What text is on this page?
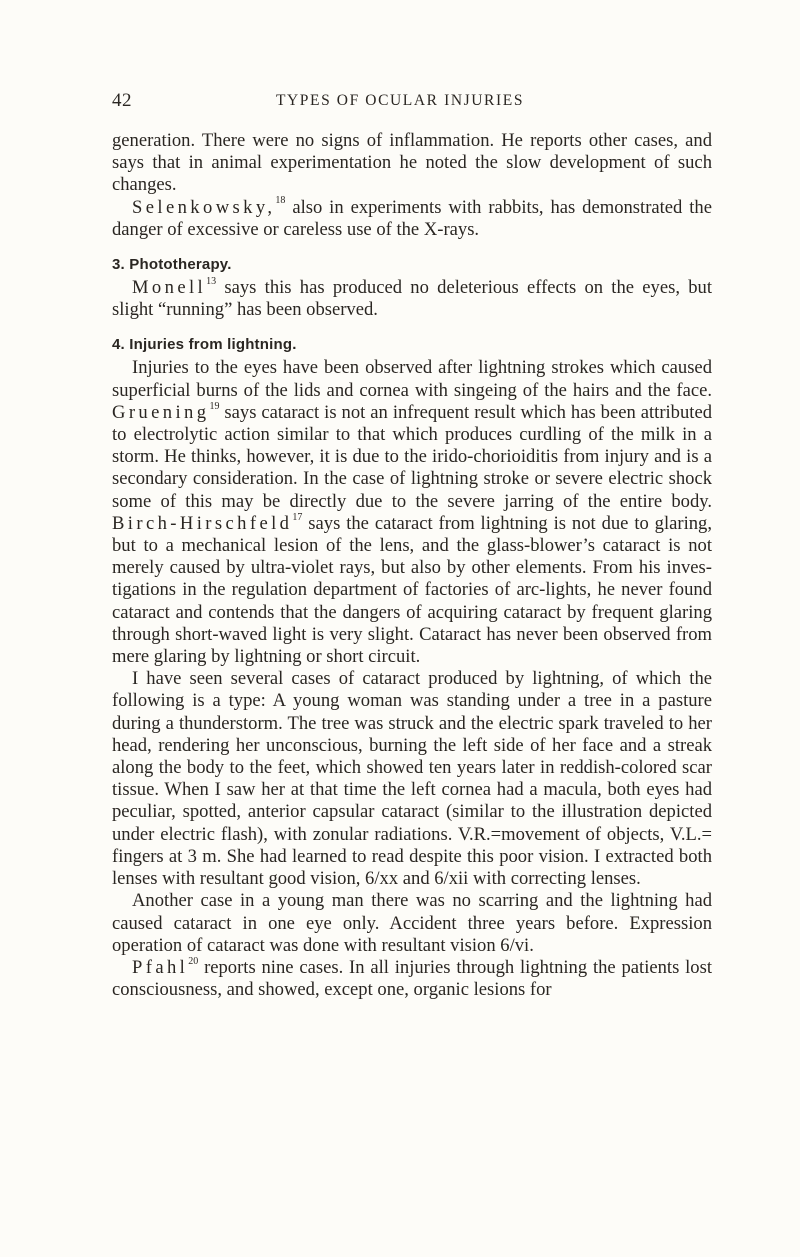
42	TYPES OF OCULAR INJURIES

generation. There were no signs of inflammation. He reports other cases, and says that in animal experimentation he noted the slow development of such changes.

Selenkowsky,$^{18}$ also in experiments with rabbits, has demonstrated the danger of excessive or careless use of the X-rays.

3. Phototherapy.

Monell$^{13}$ says this has produced no deleterious effects on the eyes, but slight “running” has been observed.

4. Injuries from lightning.

Injuries to the eyes have been observed after lightning strokes which caused superficial burns of the lids and cornea with singeing of the hairs and the face. Gruening$^{19}$ says cataract is not an infrequent result which has been attributed to electrolytic action similar to that which produces curdling of the milk in a storm. He thinks, however, it is due to the irido-chorioiditis from injury and is a secondary consideration. In the case of lightning stroke or severe electric shock some of this may be directly due to the severe jarring of the entire body. Birch-Hirschfeld$^{17}$ says the cataract from lightning is not due to glaring, but to a mechanical lesion of the lens, and the glass-blower’s cataract is not merely caused by ultra-violet rays, but also by other elements. From his investigations in the regulation department of factories of arc-lights, he never found cataract and contends that the dangers of acquiring cataract by frequent glaring through short-waved light is very slight. Cataract has never been observed from mere glaring by lightning or short circuit.

I have seen several cases of cataract produced by lightning, of which the following is a type: A young woman was standing under a tree in a pasture during a thunderstorm. The tree was struck and the electric spark traveled to her head, rendering her unconscious, burning the left side of her face and a streak along the body to the feet, which showed ten years later in reddish-colored scar tissue. When I saw her at that time the left cornea had a macula, both eyes had peculiar, spotted, anterior capsular cataract (similar to the illustration depicted under electric flash), with zonular radiations. V.R.=movement of objects, V.L.= fingers at 3 m. She had learned to read despite this poor vision. I extracted both lenses with resultant good vision, 6/xx and 6/xii with correcting lenses.

Another case in a young man there was no scarring and the lightning had caused cataract in one eye only. Accident three years before. Expression operation of cataract was done with resultant vision 6/vi.

Pfahl$^{20}$ reports nine cases. In all injuries through lightning the patients lost consciousness, and showed, except one, organic lesions for
